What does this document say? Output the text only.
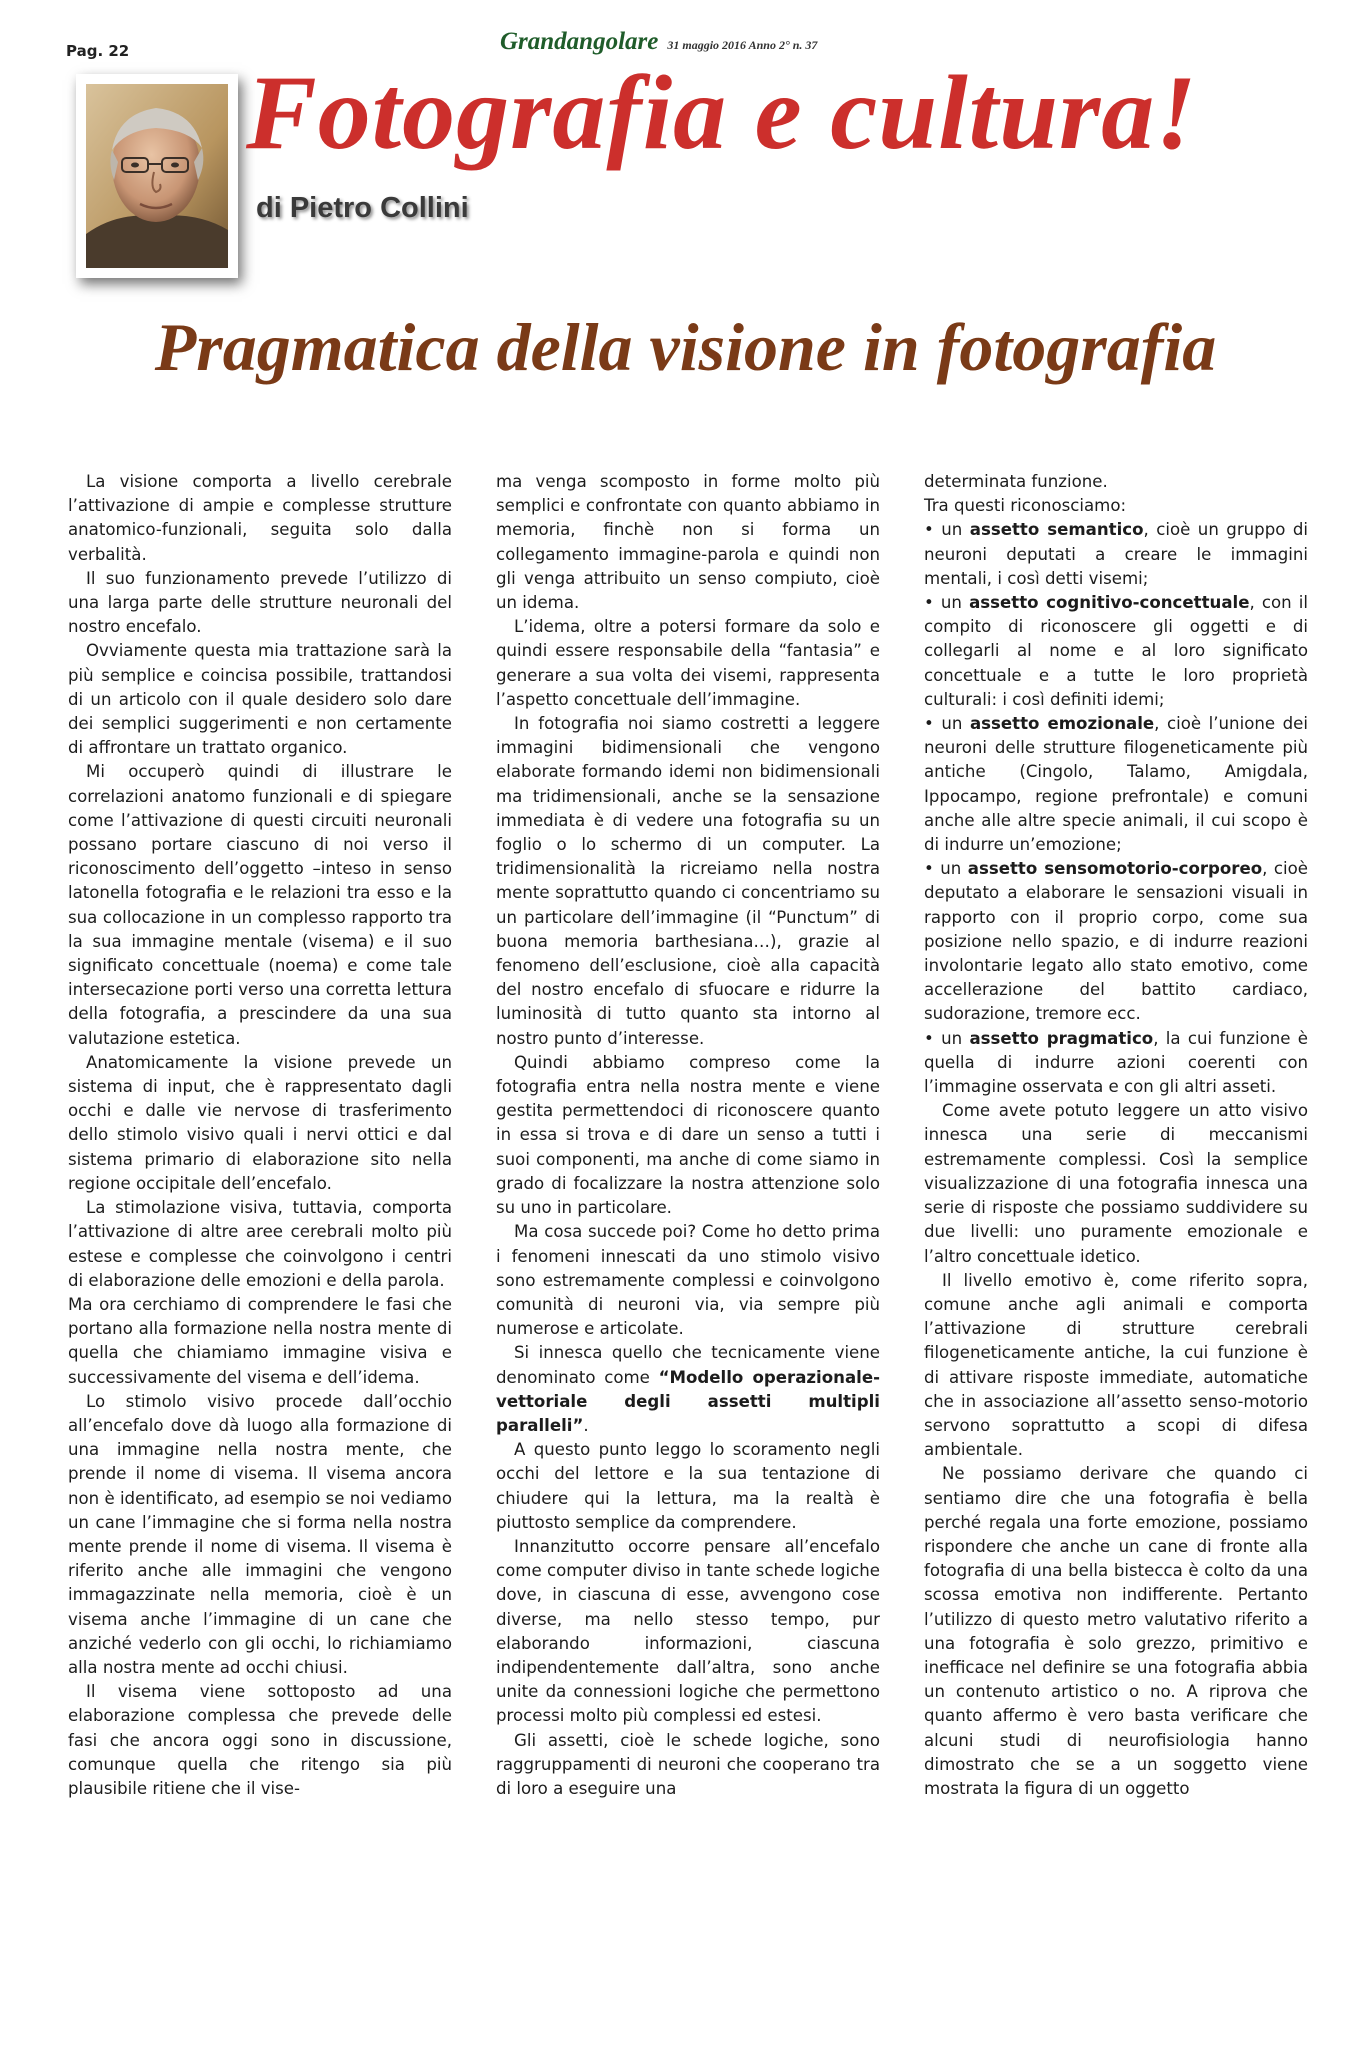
Pag. 22	Grandangolare 31 maggio 2016 Anno 2° n. 37
Fotografia e cultura!
di Pietro Collini
Pragmatica della visione in fotografia

La visione comporta a livello cerebrale l’attivazione di ampie e complesse strutture anatomico-funzionali, seguita solo dalla verbalità.

Il suo funzionamento prevede l’utilizzo di una larga parte delle strutture neuronali del nostro encefalo.

Ovviamente questa mia trattazione sarà la più semplice e coincisa possibile, trattandosi di un articolo con il quale desidero solo dare dei semplici suggerimenti e non certamente di affrontare un trattato organico.

Mi occuperò quindi di illustrare le correlazioni anatomo funzionali e di spiegare come l’attivazione di questi circuiti neuronali possano portare ciascuno di noi verso il riconoscimento dell’oggetto –inteso in senso latonella fotografia e le relazioni tra esso e la sua collocazione in un complesso rapporto tra la sua immagine mentale (visema) e il suo significato concettuale (noema) e come tale intersecazione porti verso una corretta lettura della fotografia, a prescindere da una sua valutazione estetica.

Anatomicamente la visione prevede un sistema di input, che è rappresentato dagli occhi e dalle vie nervose di trasferimento dello stimolo visivo quali i nervi ottici e dal sistema primario di elaborazione sito nella regione occipitale dell’encefalo.

La stimolazione visiva, tuttavia, comporta l’attivazione di altre aree cerebrali molto più estese e complesse che coinvolgono i centri di elaborazione delle emozioni e della parola.

Ma ora cerchiamo di comprendere le fasi che portano alla formazione nella nostra mente di quella che chiamiamo immagine visiva e successivamente del visema e dell’idema.

Lo stimolo visivo procede dall’occhio all’encefalo dove dà luogo alla formazione di una immagine nella nostra mente, che prende il nome di visema. Il visema ancora non è identificato, ad esempio se noi vediamo un cane l’immagine che si forma nella nostra mente prende il nome di visema. Il visema è riferito anche alle immagini che vengono immagazzinate nella memoria, cioè è un visema anche l’immagine di un cane che anziché vederlo con gli occhi, lo richiamiamo alla nostra mente ad occhi chiusi.

Il visema viene sottoposto ad una elaborazione complessa che prevede delle fasi che ancora oggi sono in discussione, comunque quella che ritengo sia più plausibile ritiene che il vise-

ma venga scomposto in forme molto più semplici e confrontate con quanto abbiamo in memoria, finchè non si forma un collegamento immagine-parola e quindi non gli venga attribuito un senso compiuto, cioè un idema.

L’idema, oltre a potersi formare da solo e quindi essere responsabile della “fantasia” e generare a sua volta dei visemi, rappresenta l’aspetto concettuale dell’immagine.

In fotografia noi siamo costretti a leggere immagini bidimensionali che vengono elaborate formando idemi non bidimensionali ma tridimensionali, anche se la sensazione immediata è di vedere una fotografia su un foglio o lo schermo di un computer. La tridimensionalità la ricreiamo nella nostra mente soprattutto quando ci concentriamo su un particolare dell’immagine (il “Punctum” di buona memoria barthesiana…), grazie al fenomeno dell’esclusione, cioè alla capacità del nostro encefalo di sfuocare e ridurre la luminosità di tutto quanto sta intorno al nostro punto d’interesse.

Quindi abbiamo compreso come la fotografia entra nella nostra mente e viene gestita permettendoci di riconoscere quanto in essa si trova e di dare un senso a tutti i suoi componenti, ma anche di come siamo in grado di focalizzare la nostra attenzione solo su uno in particolare.

Ma cosa succede poi? Come ho detto prima i fenomeni innescati da uno stimolo visivo sono estremamente complessi e coinvolgono comunità di neuroni via, via sempre più numerose e articolate.

Si innesca quello che tecnicamente viene denominato come “Modello operazionale-vettoriale degli assetti multipli paralleli”.

A questo punto leggo lo scoramento negli occhi del lettore e la sua tentazione di chiudere qui la lettura, ma la realtà è piuttosto semplice da comprendere.

Innanzitutto occorre pensare all’encefalo come computer diviso in tante schede logiche dove, in ciascuna di esse, avvengono cose diverse, ma nello stesso tempo, pur elaborando informazioni, ciascuna indipendentemente dall’altra, sono anche unite da connessioni logiche che permettono processi molto più complessi ed estesi.

Gli assetti, cioè le schede logiche, sono raggruppamenti di neuroni che cooperano tra di loro a eseguire una

determinata funzione.

Tra questi riconosciamo:

• un assetto semantico, cioè un gruppo di neuroni deputati a creare le immagini mentali, i così detti visemi;

• un assetto cognitivo-concettuale, con il compito di riconoscere gli oggetti e di collegarli al nome e al loro significato concettuale e a tutte le loro proprietà culturali: i così definiti idemi;

• un assetto emozionale, cioè l’unione dei neuroni delle strutture filogeneticamente più antiche (Cingolo, Talamo, Amigdala, Ippocampo, regione prefrontale) e comuni anche alle altre specie animali, il cui scopo è di indurre un’emozione;

• un assetto sensomotorio-corporeo, cioè deputato a elaborare le sensazioni visuali in rapporto con il proprio corpo, come sua posizione nello spazio, e di indurre reazioni involontarie legato allo stato emotivo, come accellerazione del battito cardiaco, sudorazione, tremore ecc.

• un assetto pragmatico, la cui funzione è quella di indurre azioni coerenti con l’immagine osservata e con gli altri asseti.

Come avete potuto leggere un atto visivo innesca una serie di meccanismi estremamente complessi. Così la semplice visualizzazione di una fotografia innesca una serie di risposte che possiamo suddividere su due livelli: uno puramente emozionale e l’altro concettuale idetico.

Il livello emotivo è, come riferito sopra, comune anche agli animali e comporta l’attivazione di strutture cerebrali filogeneticamente antiche, la cui funzione è di attivare risposte immediate, automatiche che in associazione all’assetto senso-motorio servono soprattutto a scopi di difesa ambientale.

Ne possiamo derivare che quando ci sentiamo dire che una fotografia è bella perché regala una forte emozione, possiamo rispondere che anche un cane di fronte alla fotografia di una bella bistecca è colto da una scossa emotiva non indifferente. Pertanto l’utilizzo di questo metro valutativo riferito a una fotografia è solo grezzo, primitivo e inefficace nel definire se una fotografia abbia un contenuto artistico o no. A riprova che quanto affermo è vero basta verificare che alcuni studi di neurofisiologia hanno dimostrato che se a un soggetto viene mostrata la figura di un oggetto
